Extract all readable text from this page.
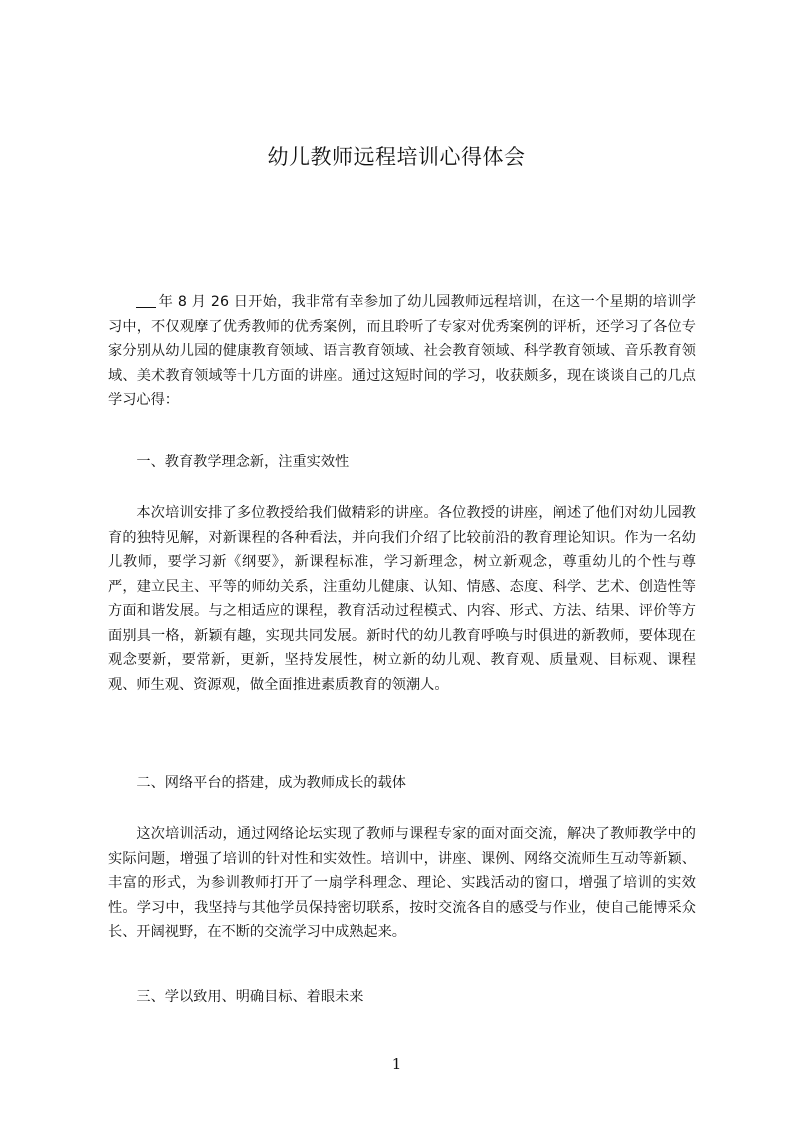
幼儿教师远程培训心得体会

年 8 月 26 日开始，我非常有幸参加了幼儿园教师远程培训，在这一个星期的培训学习中，不仅观摩了优秀教师的优秀案例，而且聆听了专家对优秀案例的评析，还学习了各位专家分别从幼儿园的健康教育领域、语言教育领域、社会教育领域、科学教育领域、音乐教育领域、美术教育领域等十几方面的讲座。通过这短时间的学习，收获颇多，现在谈谈自己的几点学习心得：

一、教育教学理念新，注重实效性

本次培训安排了多位教授给我们做精彩的讲座。各位教授的讲座，阐述了他们对幼儿园教育的独特见解，对新课程的各种看法，并向我们介绍了比较前沿的教育理论知识。作为一名幼儿教师，要学习新《纲要》，新课程标准，学习新理念，树立新观念，尊重幼儿的个性与尊严，建立民主、平等的师幼关系，注重幼儿健康、认知、情感、态度、科学、艺术、创造性等方面和谐发展。与之相适应的课程，教育活动过程模式、内容、形式、方法、结果、评价等方面别具一格，新颖有趣，实现共同发展。新时代的幼儿教育呼唤与时俱进的新教师，要体现在观念要新，要常新，更新，坚持发展性，树立新的幼儿观、教育观、质量观、目标观、课程观、师生观、资源观，做全面推进素质教育的领潮人。

二、网络平台的搭建，成为教师成长的载体

这次培训活动，通过网络论坛实现了教师与课程专家的面对面交流，解决了教师教学中的实际问题，增强了培训的针对性和实效性。培训中，讲座、课例、网络交流师生互动等新颖、丰富的形式，为参训教师打开了一扇学科理念、理论、实践活动的窗口，增强了培训的实效性。学习中，我坚持与其他学员保持密切联系，按时交流各自的感受与作业，使自己能博采众长、开阔视野，在不断的交流学习中成熟起来。

三、学以致用、明确目标、着眼未来

1
